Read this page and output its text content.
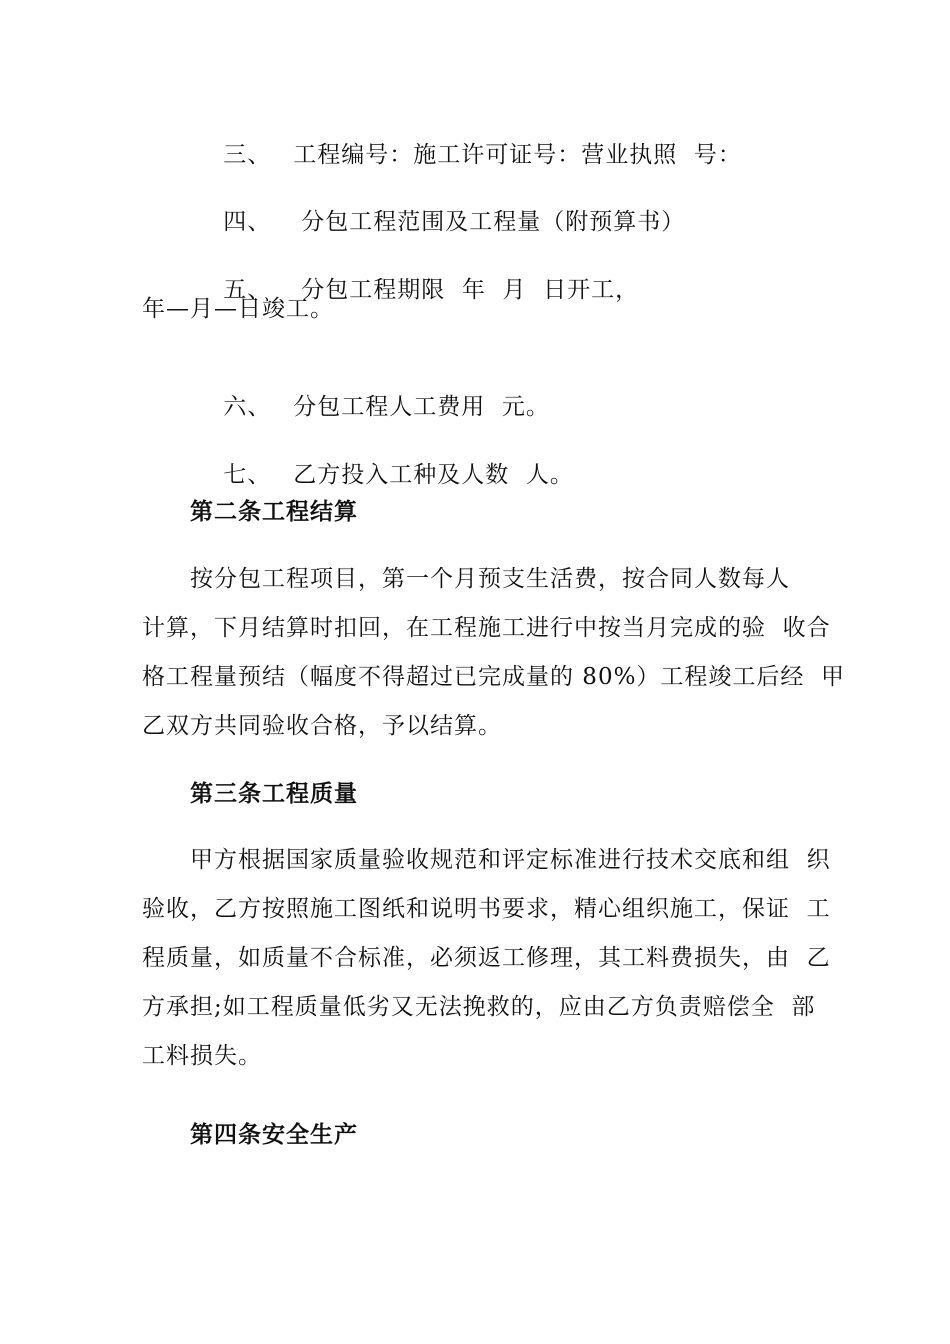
三、 工程编号：施工许可证号：营业执照  号：

四、 分包工程范围及工程量（附预算书）

五、 分包工程期限  年  月  日开工，

年—月—日竣工。

六、 分包工程人工费用  元。

七、 乙方投入工种及人数  人。

第二条工程结算
按分包工程项目，第一个月预支生活费，按合同人数每人
计算，下月结算时扣回，在工程施工进行中按当月完成的验  收合
格工程量预结（幅度不得超过已完成量的 80%）工程竣工后经  甲
乙双方共同验收合格，予以结算。
第三条工程质量
甲方根据国家质量验收规范和评定标准进行技术交底和组  织
验收，乙方按照施工图纸和说明书要求，精心组织施工，保证  工
程质量，如质量不合标准，必须返工修理，其工料费损失，由  乙
方承担;如工程质量低劣又无法挽救的，应由乙方负责赔偿全  部
工料损失。
第四条安全生产
